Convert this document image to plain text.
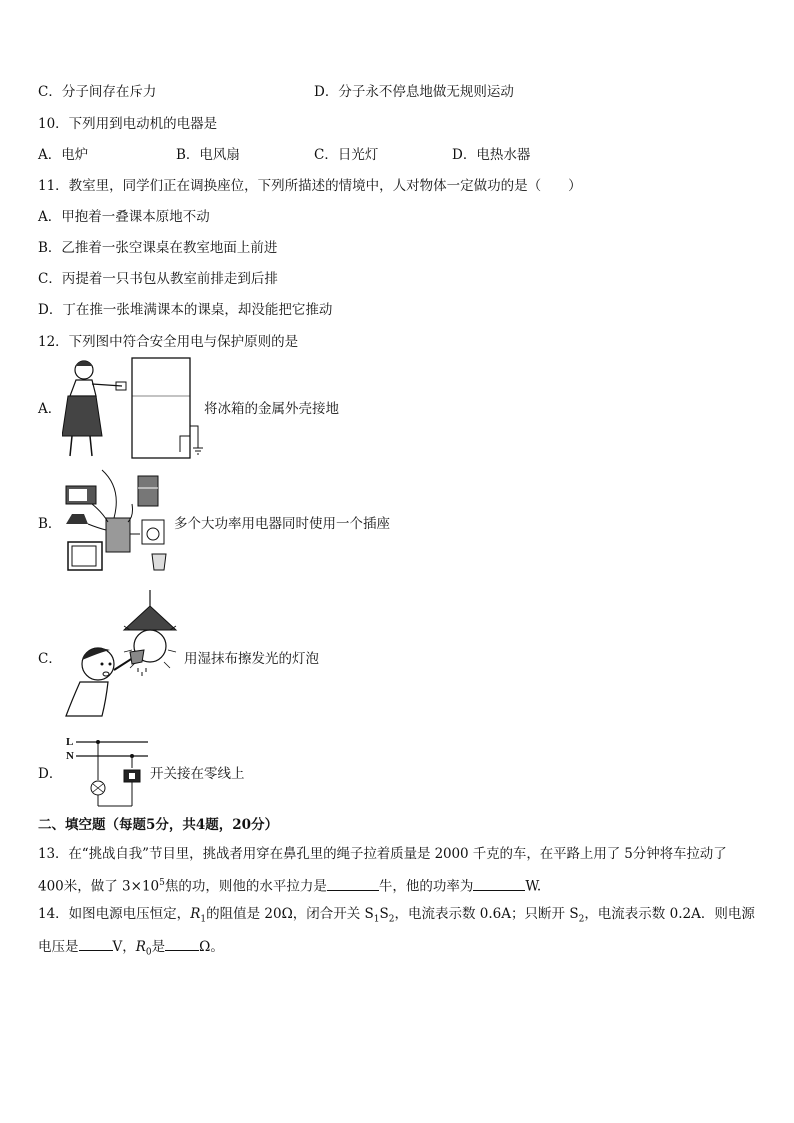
C．分子间存在斥力	D．分子永不停息地做无规则运动
10．下列用到电动机的电器是
A．电炉	B．电风扇	C．日光灯	D．电热水器
11．教室里，同学们正在调换座位，下列所描述的情境中，人对物体一定做功的是（　　）
A．甲抱着一叠课本原地不动
B．乙推着一张空课桌在教室地面上前进
C．丙提着一只书包从教室前排走到后排
D．丁在推一张堆满课本的课桌，却没能把它推动
12．下列图中符合安全用电与保护原则的是
A．	将冰箱的金属外壳接地
B．	多个大功率用电器同时使用一个插座
C．	用湿抹布擦发光的灯泡
D．
L
N
开关接在零线上
二、填空题（每题5分，共4题，20分）
13．在“挑战自我”节目里，挑战者用穿在鼻孔里的绳子拉着质量是 2000 千克的车，在平路上用了 5分钟将车拉动了
400米，做了 $3\times 10^5$焦的功，则他的水平拉力是	牛，他的功率为	W.
14．如图电源电压恒定，$R_1$的阻值是 20Ω，闭合开关 $S_1S_2$，电流表示数 0.6A；只断开 $S_2$，电流表示数 0.2A．则电源
电压是	V，$R_0$是	Ω。
